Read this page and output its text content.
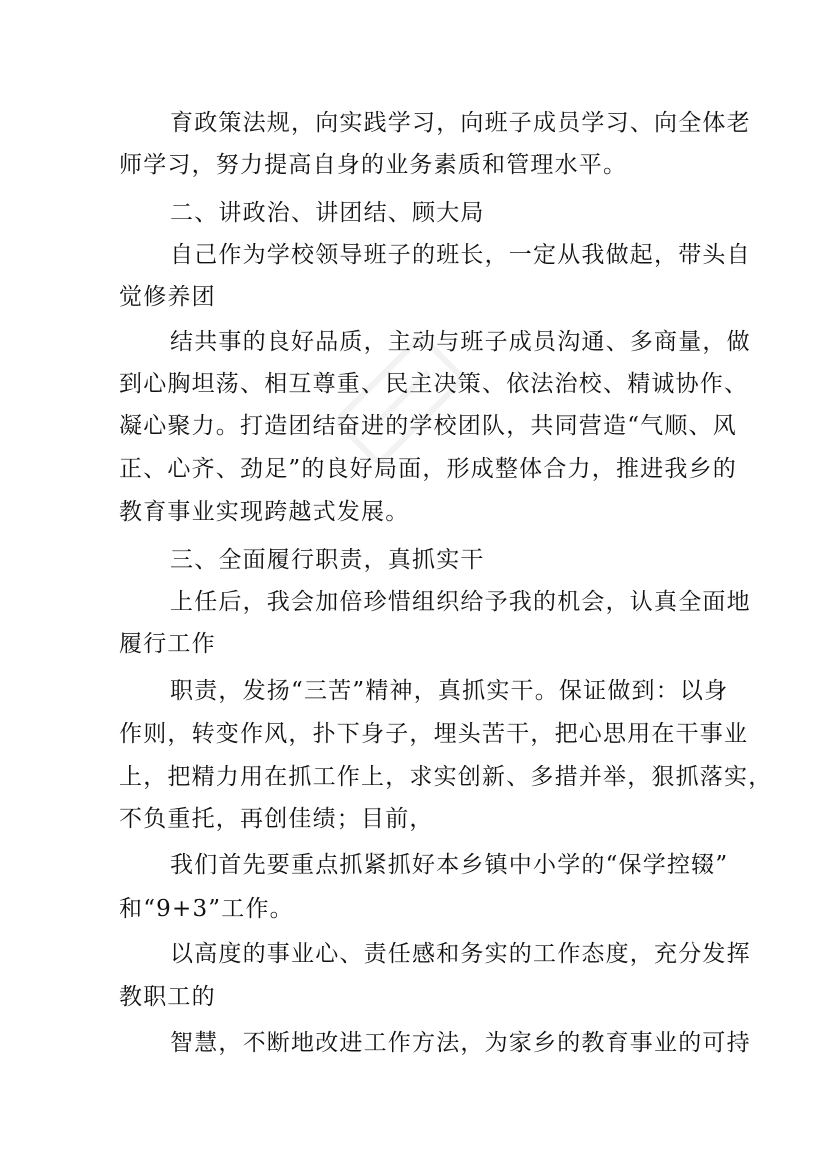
育政策法规，向实践学习，向班子成员学习、向全体老
师学习，努力提高自身的业务素质和管理水平。
二、讲政治、讲团结、顾大局
自己作为学校领导班子的班长，一定从我做起，带头自
觉修养团
结共事的良好品质，主动与班子成员沟通、多商量，做
到心胸坦荡、相互尊重、民主决策、依法治校、精诚协作、
凝心聚力。打造团结奋进的学校团队，共同营造“气顺、风
正、心齐、劲足”的良好局面，形成整体合力，推进我乡的
教育事业实现跨越式发展。
三、全面履行职责，真抓实干
上任后，我会加倍珍惜组织给予我的机会，认真全面地
履行工作
职责，发扬“三苦”精神，真抓实干。保证做到：以身
作则，转变作风，扑下身子，埋头苦干，把心思用在干事业
上，把精力用在抓工作上，求实创新、多措并举，狠抓落实，
不负重托，再创佳绩；目前，
我们首先要重点抓紧抓好本乡镇中小学的“保学控辍”
和“9+3”工作。
以高度的事业心、责任感和务实的工作态度，充分发挥
教职工的
智慧，不断地改进工作方法，为家乡的教育事业的可持
